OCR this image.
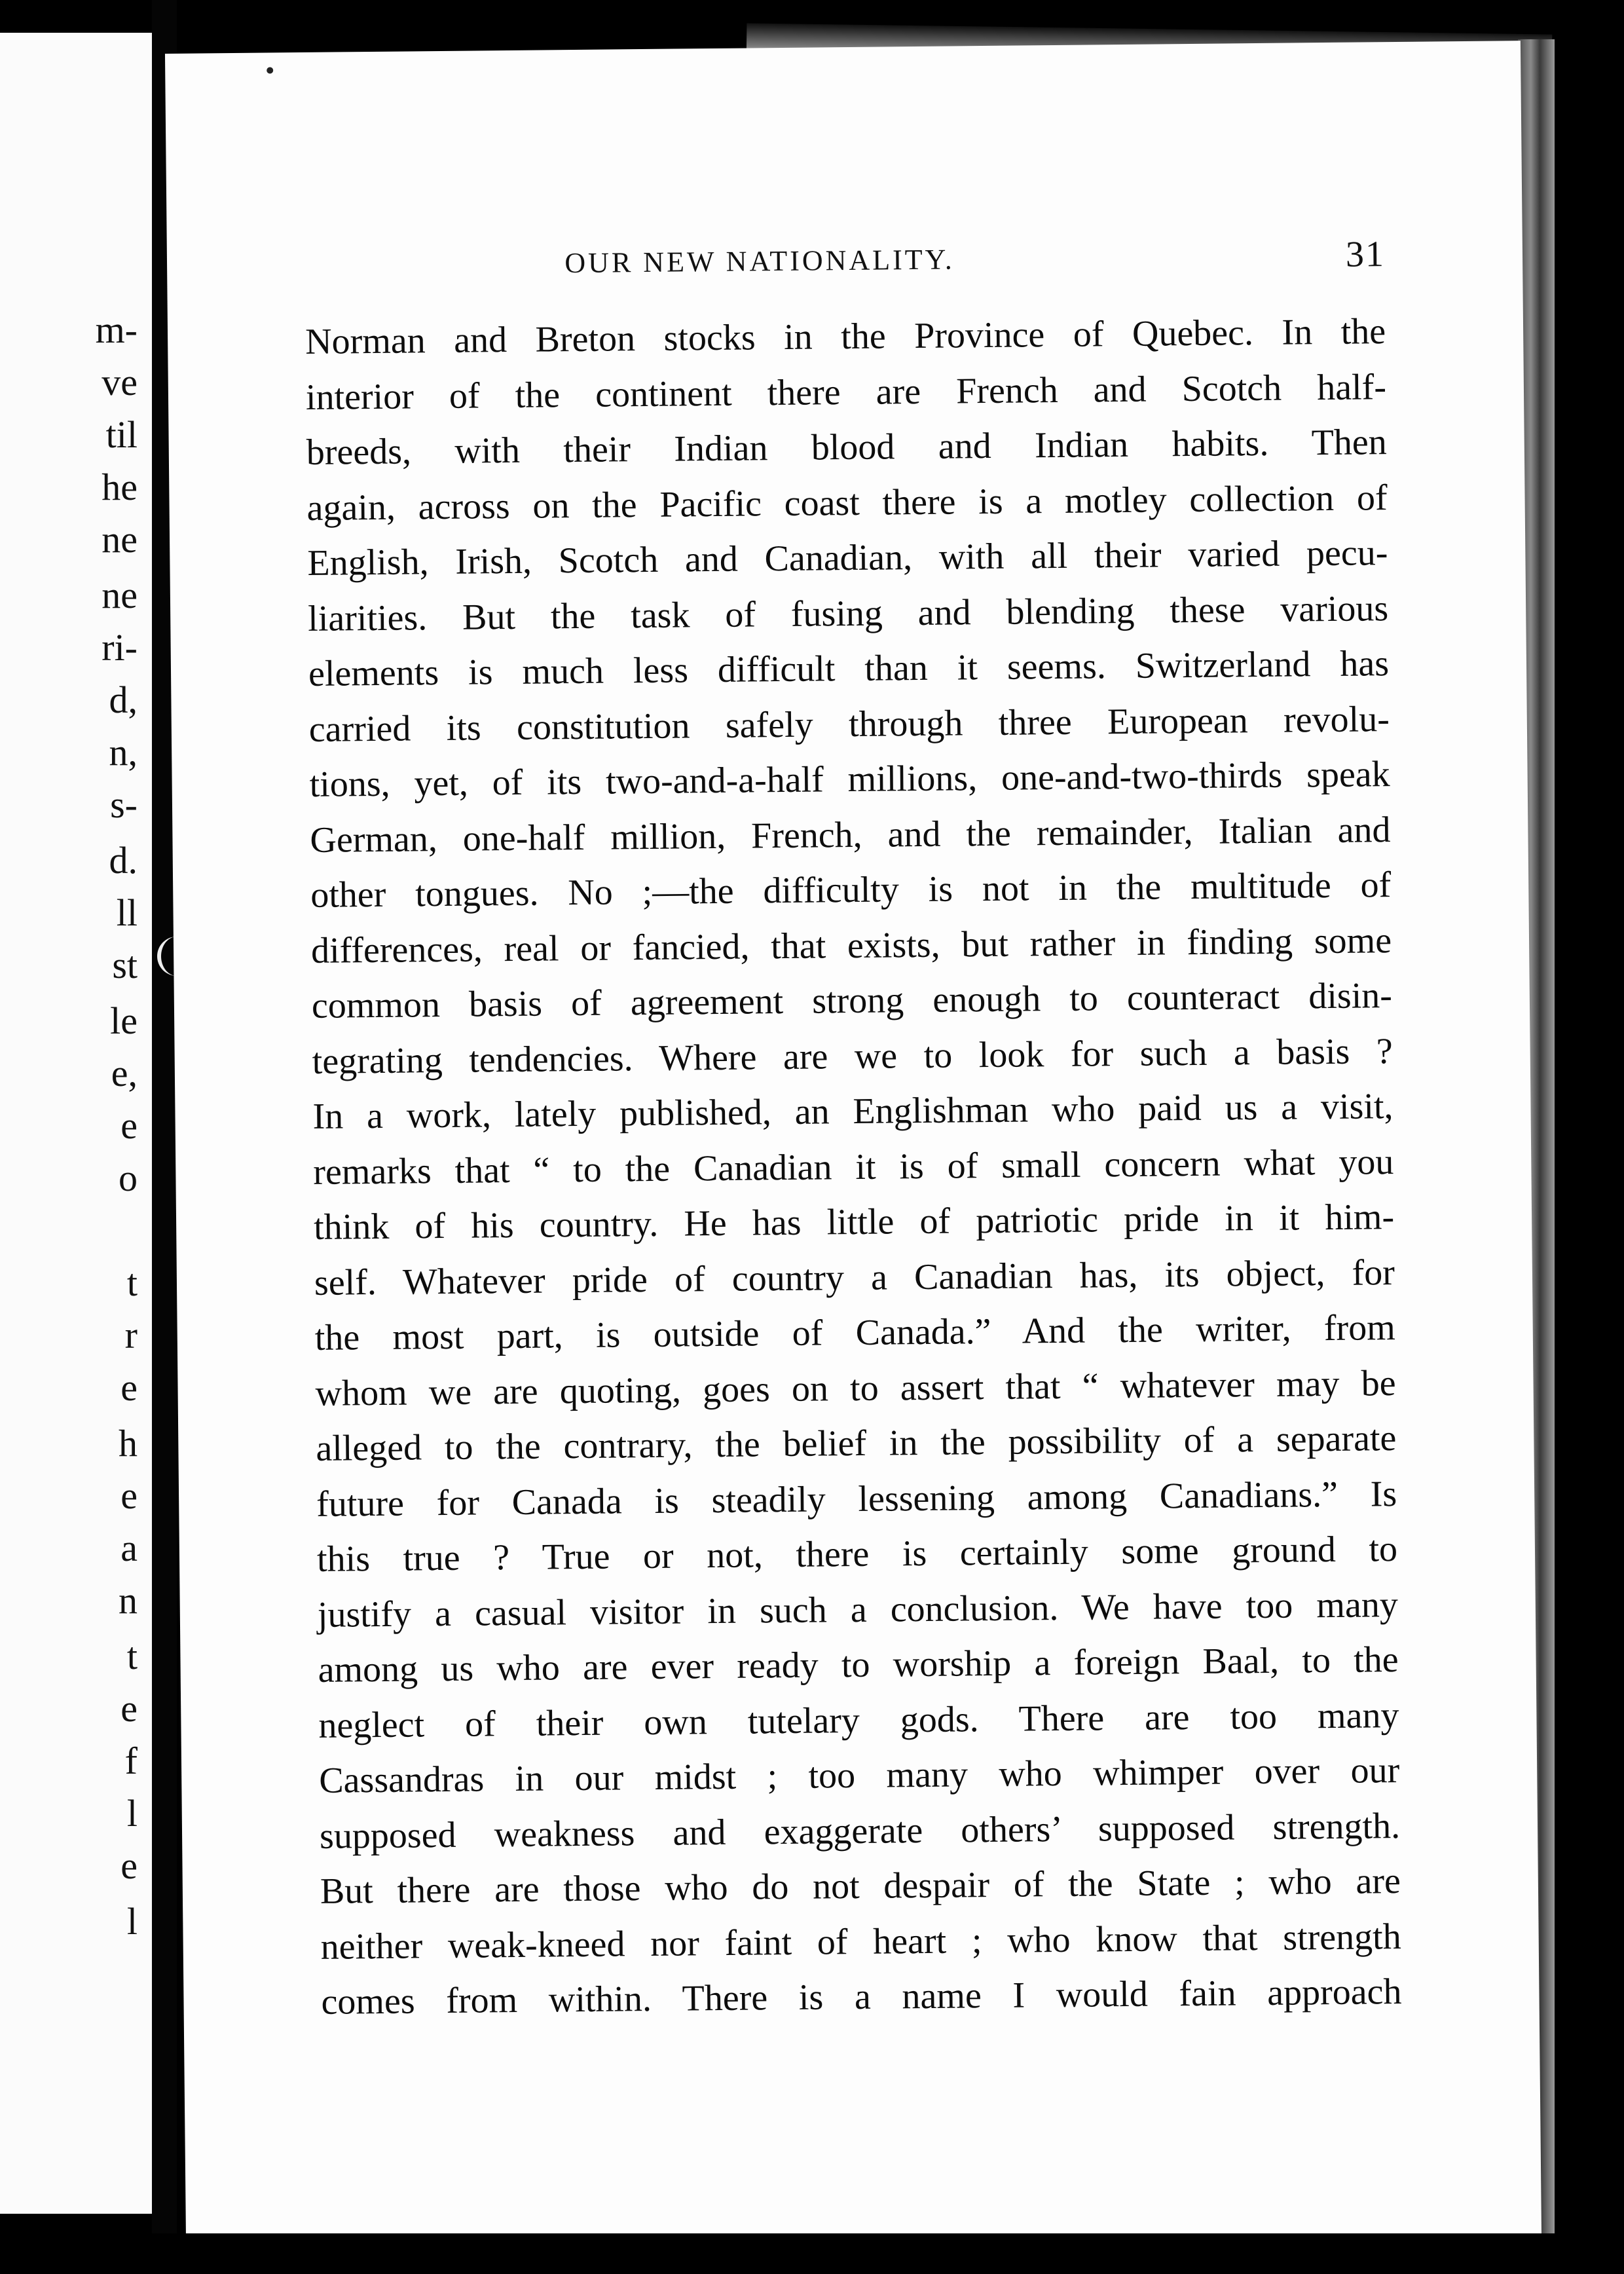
m-
ve
til
he
ne
ne
ri-
d,
n,
s-
d.
ll
st
le
e,
e
o
t
r
e
h
e
a
n
t
e
f
l
e
l
OUR NEW NATIONALITY.	31
Norman and Breton stocks in the Province of Quebec. In the
interior of the continent there are French and Scotch half-
breeds, with their Indian blood and Indian habits. Then
again, across on the Pacific coast there is a motley collection of
English, Irish, Scotch and Canadian, with all their varied pecu-
liarities. But the task of fusing and blending these various
elements is much less difficult than it seems. Switzerland has
carried its constitution safely through three European revolu-
tions, yet, of its two-and-a-half millions, one-and-two-thirds speak
German, one-half million, French, and the remainder, Italian and
other tongues. No ;—the difficulty is not in the multitude of
differences, real or fancied, that exists, but rather in finding some
common basis of agreement strong enough to counteract disin-
tegrating tendencies. Where are we to look for such a basis ?
In a work, lately published, an Englishman who paid us a visit,
remarks that “ to the Canadian it is of small concern what you
think of his country. He has little of patriotic pride in it him-
self. Whatever pride of country a Canadian has, its object, for
the most part, is outside of Canada.” And the writer, from
whom we are quoting, goes on to assert that “ whatever may be
alleged to the contrary, the belief in the possibility of a separate
future for Canada is steadily lessening among Canadians.” Is
this true ? True or not, there is certainly some ground to
justify a casual visitor in such a conclusion. We have too many
among us who are ever ready to worship a foreign Baal, to the
neglect of their own tutelary gods. There are too many
Cassandras in our midst ; too many who whimper over our
supposed weakness and exaggerate others’ supposed strength.
But there are those who do not despair of the State ; who are
neither weak-kneed nor faint of heart ; who know that strength
comes from within. There is a name I would fain approach
